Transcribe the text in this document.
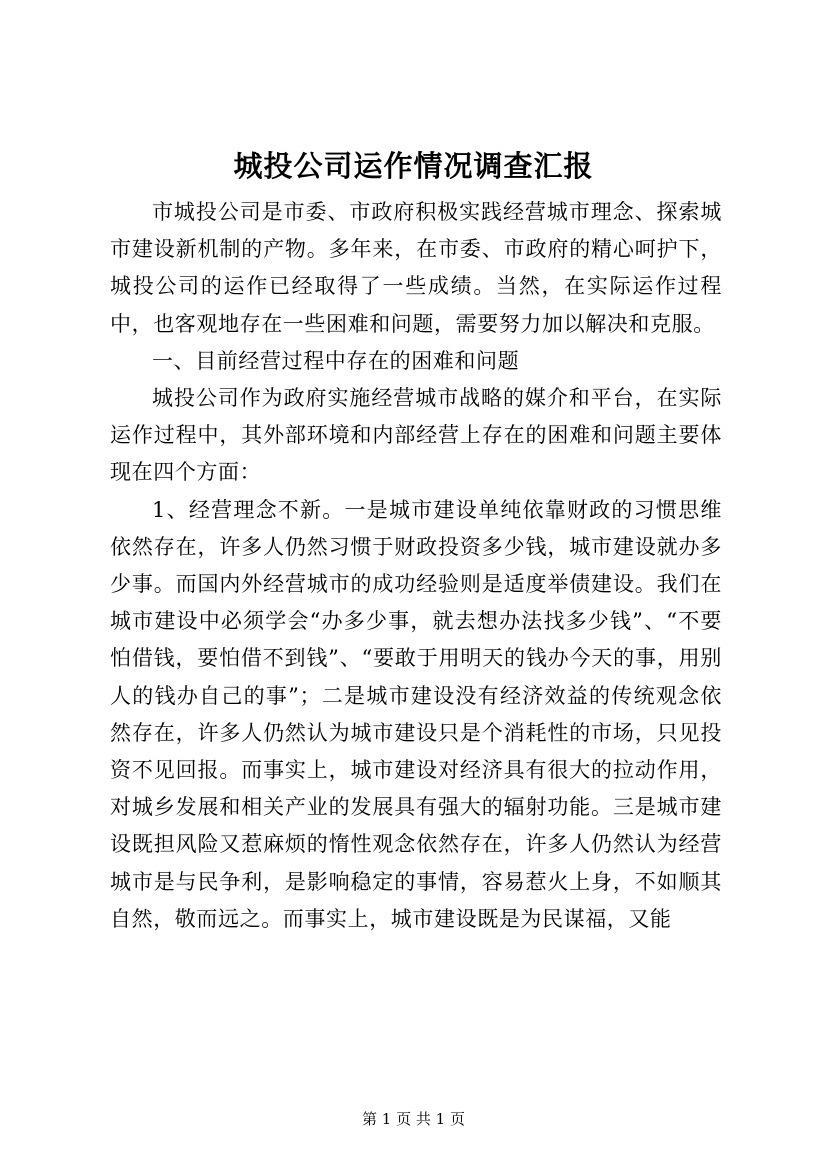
城投公司运作情况调查汇报

市城投公司是市委、市政府积极实践经营城市理念、探索城市建设新机制的产物。多年来，在市委、市政府的精心呵护下，城投公司的运作已经取得了一些成绩。当然，在实际运作过程中，也客观地存在一些困难和问题，需要努力加以解决和克服。

一、目前经营过程中存在的困难和问题

城投公司作为政府实施经营城市战略的媒介和平台，在实际运作过程中，其外部环境和内部经营上存在的困难和问题主要体现在四个方面：

1、经营理念不新。一是城市建设单纯依靠财政的习惯思维依然存在，许多人仍然习惯于财政投资多少钱，城市建设就办多少事。而国内外经营城市的成功经验则是适度举债建设。我们在城市建设中必须学会“办多少事，就去想办法找多少钱”、“不要怕借钱，要怕借不到钱”、“要敢于用明天的钱办今天的事，用别人的钱办自己的事”；二是城市建设没有经济效益的传统观念依然存在，许多人仍然认为城市建设只是个消耗性的市场，只见投资不见回报。而事实上，城市建设对经济具有很大的拉动作用，对城乡发展和相关产业的发展具有强大的辐射功能。三是城市建设既担风险又惹麻烦的惰性观念依然存在，许多人仍然认为经营城市是与民争利，是影响稳定的事情，容易惹火上身，不如顺其自然，敬而远之。而事实上，城市建设既是为民谋福，又能

第 1 页 共 1 页
